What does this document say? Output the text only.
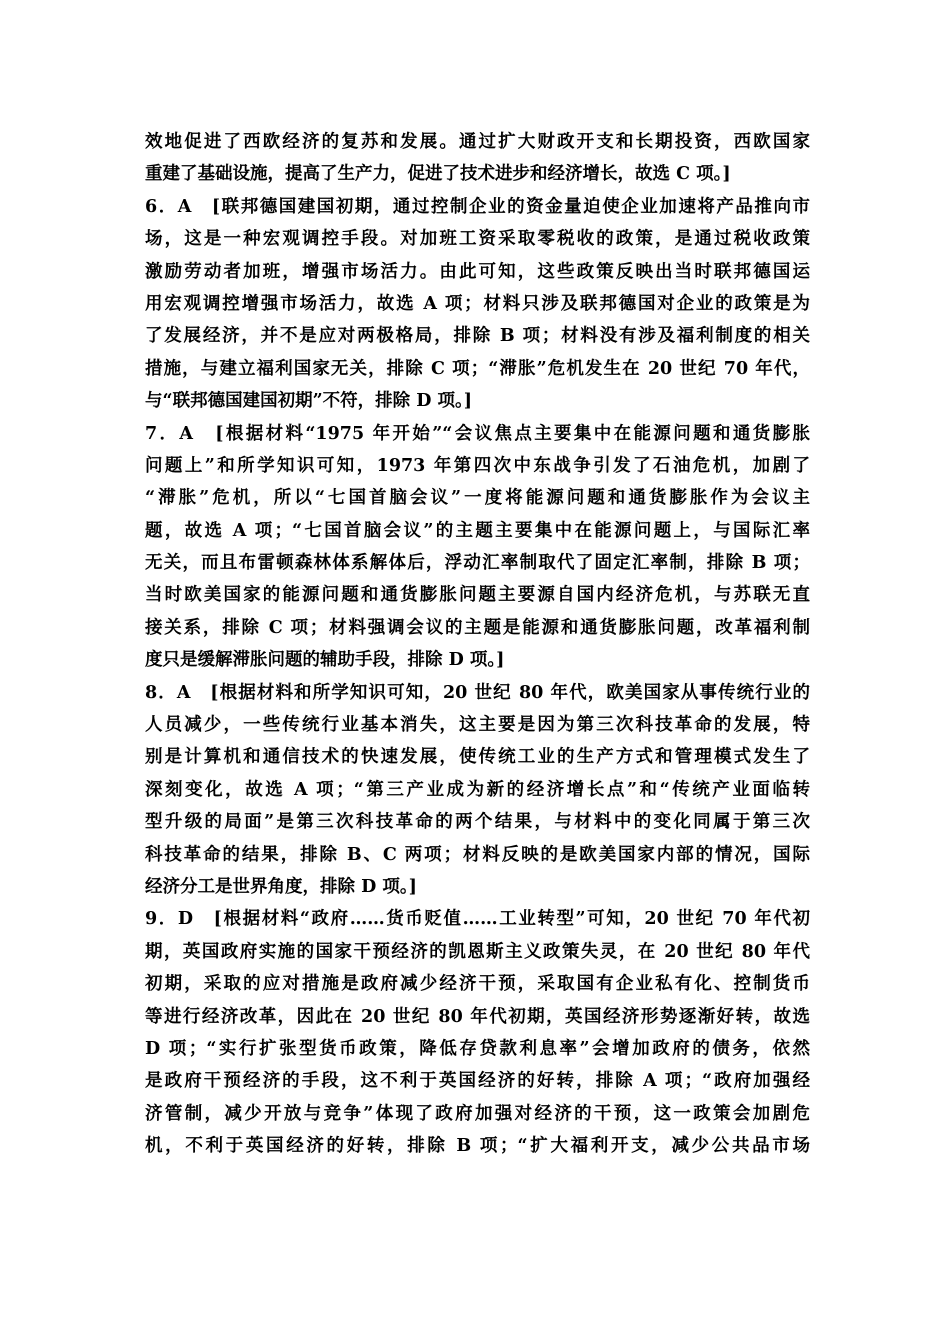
效地促进了西欧经济的复苏和发展。通过扩大财政开支和长期投资，西欧国家
重建了基础设施，提高了生产力，促进了技术进步和经济增长，故选 C 项。]
6．A　[联邦德国建国初期，通过控制企业的资金量迫使企业加速将产品推向市
场，这是一种宏观调控手段。对加班工资采取零税收的政策，是通过税收政策
激励劳动者加班，增强市场活力。由此可知，这些政策反映出当时联邦德国运
用宏观调控增强市场活力，故选 A 项；材料只涉及联邦德国对企业的政策是为
了发展经济，并不是应对两极格局，排除 B 项；材料没有涉及福利制度的相关
措施，与建立福利国家无关，排除 C 项；“滞胀”危机发生在 20 世纪 70 年代，
与“联邦德国建国初期”不符，排除 D 项。]
7．A　[根据材料“1975 年开始”“会议焦点主要集中在能源问题和通货膨胀
问题上”和所学知识可知，1973 年第四次中东战争引发了石油危机，加剧了
“滞胀”危机，所以“七国首脑会议”一度将能源问题和通货膨胀作为会议主
题，故选 A 项；“七国首脑会议”的主题主要集中在能源问题上，与国际汇率
无关，而且布雷顿森林体系解体后，浮动汇率制取代了固定汇率制，排除 B 项；
当时欧美国家的能源问题和通货膨胀问题主要源自国内经济危机，与苏联无直
接关系，排除 C 项；材料强调会议的主题是能源和通货膨胀问题，改革福利制
度只是缓解滞胀问题的辅助手段，排除 D 项。]
8．A　[根据材料和所学知识可知，20 世纪 80 年代，欧美国家从事传统行业的
人员减少，一些传统行业基本消失，这主要是因为第三次科技革命的发展，特
别是计算机和通信技术的快速发展，使传统工业的生产方式和管理模式发生了
深刻变化，故选 A 项；“第三产业成为新的经济增长点”和“传统产业面临转
型升级的局面”是第三次科技革命的两个结果，与材料中的变化同属于第三次
科技革命的结果，排除 B、C 两项；材料反映的是欧美国家内部的情况，国际
经济分工是世界角度，排除 D 项。]
9．D　[根据材料“政府……货币贬值……工业转型”可知，20 世纪 70 年代初
期，英国政府实施的国家干预经济的凯恩斯主义政策失灵，在 20 世纪 80 年代
初期，采取的应对措施是政府减少经济干预，采取国有企业私有化、控制货币
等进行经济改革，因此在 20 世纪 80 年代初期，英国经济形势逐渐好转，故选
D 项；“实行扩张型货币政策，降低存贷款利息率”会增加政府的债务，依然
是政府干预经济的手段，这不利于英国经济的好转，排除 A 项；“政府加强经
济管制，减少开放与竞争”体现了政府加强对经济的干预，这一政策会加剧危
机，不利于英国经济的好转，排除 B 项；“扩大福利开支，减少公共品市场
